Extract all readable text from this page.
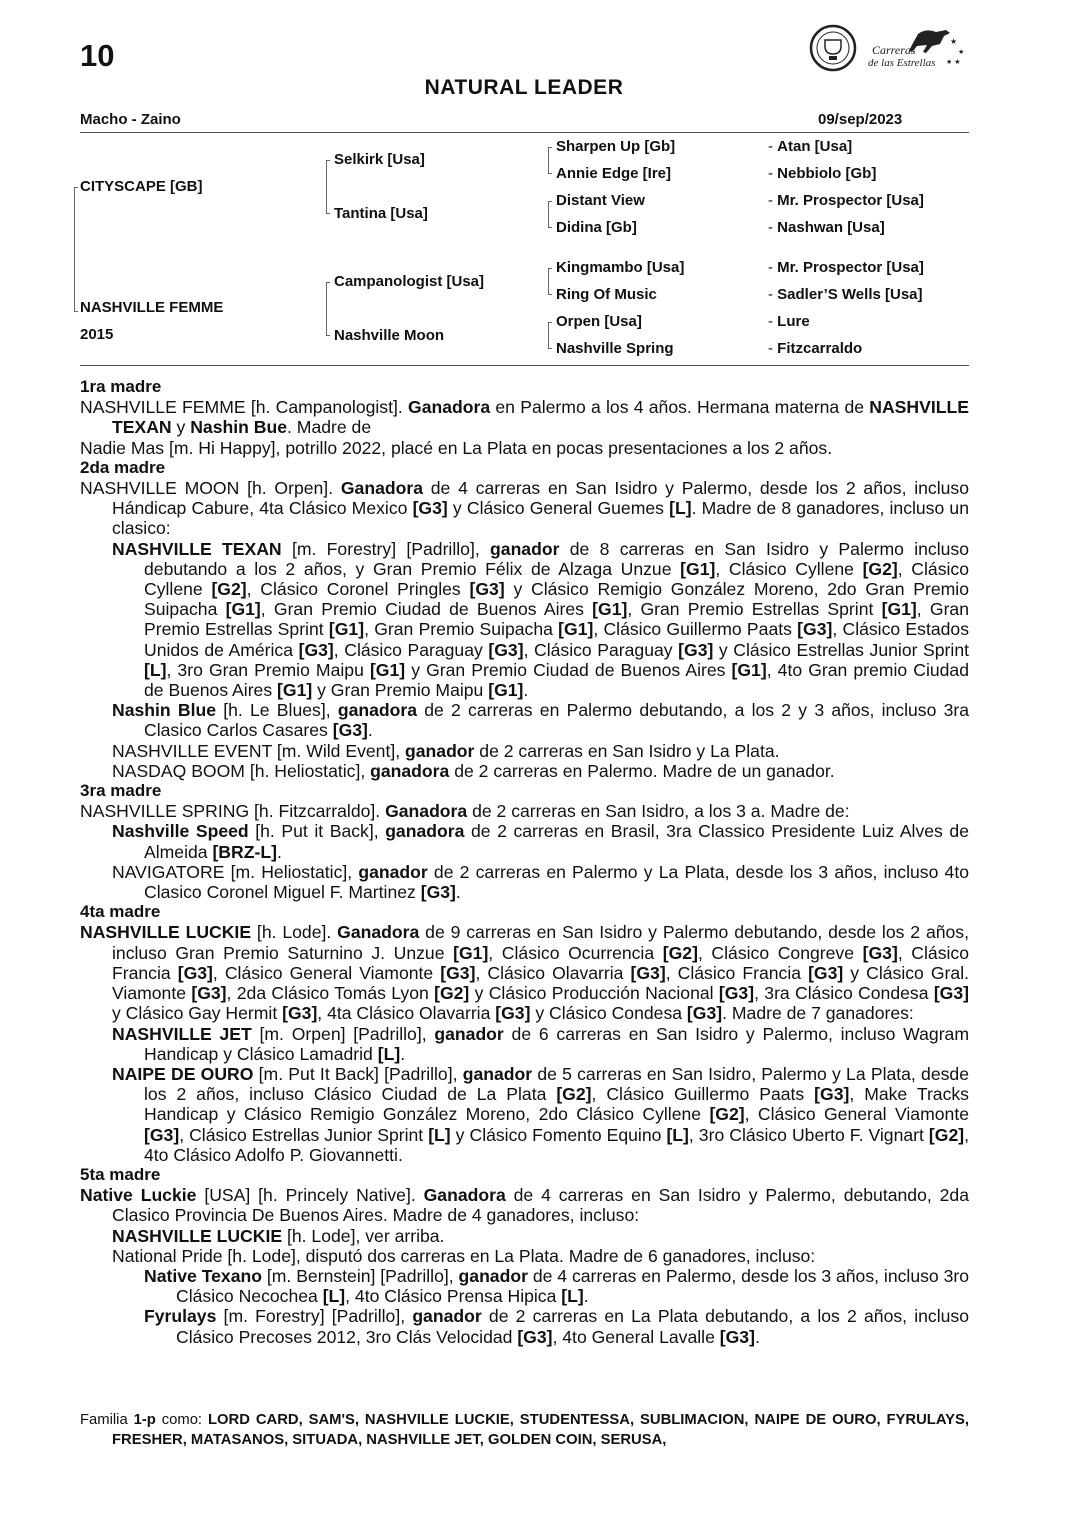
10
NATURAL LEADER
Macho - Zaino	09/sep/2023
Carreras
de las Estrellas
★
★
★ ★
CITYSCAPE [GB]
NASHVILLE FEMME
2015
Selkirk [Usa]
Tantina [Usa]
Campanologist [Usa]
Nashville Moon
Sharpen Up [Gb]
Annie Edge [Ire]
Distant View
Didina [Gb]
Kingmambo [Usa]
Ring Of Music
Orpen [Usa]
Nashville Spring
- Atan [Usa]
- Nebbiolo [Gb]
- Mr. Prospector [Usa]
- Nashwan [Usa]
- Mr. Prospector [Usa]
- Sadler’S Wells [Usa]
- Lure
- Fitzcarraldo

1ra madre

NASHVILLE FEMME [h. Campanologist]. Ganadora en Palermo a los 4 años. Hermana materna de NASHVILLE TEXAN y Nashin Bue. Madre de

Nadie Mas [m. Hi Happy], potrillo 2022, placé en La Plata en pocas presentaciones a los 2 años.

2da madre

NASHVILLE MOON [h. Orpen]. Ganadora de 4 carreras en San Isidro y Palermo, desde los 2 años, incluso Hándicap Cabure, 4ta Clásico Mexico [G3] y Clásico General Guemes [L]. Madre de 8 ganadores, incluso un clasico:

NASHVILLE TEXAN [m. Forestry] [Padrillo], ganador de 8 carreras en San Isidro y Palermo incluso debutando a los 2 años, y Gran Premio Félix de Alzaga Unzue [G1], Clásico Cyllene [G2], Clásico Cyllene [G2], Clásico Coronel Pringles [G3] y Clásico Remigio González Moreno, 2do Gran Premio Suipacha [G1], Gran Premio Ciudad de Buenos Aires [G1], Gran Premio Estrellas Sprint [G1], Gran Premio Estrellas Sprint [G1], Gran Premio Suipacha [G1], Clásico Guillermo Paats [G3], Clásico Estados Unidos de América [G3], Clásico Paraguay [G3], Clásico Paraguay [G3] y Clásico Estrellas Junior Sprint [L], 3ro Gran Premio Maipu [G1] y Gran Premio Ciudad de Buenos Aires [G1], 4to Gran premio Ciudad de Buenos Aires [G1] y Gran Premio Maipu [G1].

Nashin Blue [h. Le Blues], ganadora de 2 carreras en Palermo debutando, a los 2 y 3 años, incluso 3ra Clasico Carlos Casares [G3].

NASHVILLE EVENT [m. Wild Event], ganador de 2 carreras en San Isidro y La Plata.

NASDAQ BOOM [h. Heliostatic], ganadora de 2 carreras en Palermo. Madre de un ganador.

3ra madre

NASHVILLE SPRING [h. Fitzcarraldo]. Ganadora de 2 carreras en San Isidro, a los 3 a. Madre de:

Nashville Speed [h. Put it Back], ganadora de 2 carreras en Brasil, 3ra Classico Presidente Luiz Alves de Almeida [BRZ-L].

NAVIGATORE [m. Heliostatic], ganador de 2 carreras en Palermo y La Plata, desde los 3 años, incluso 4to Clasico Coronel Miguel F. Martinez [G3].

4ta madre

NASHVILLE LUCKIE [h. Lode]. Ganadora de 9 carreras en San Isidro y Palermo debutando, desde los 2 años, incluso Gran Premio Saturnino J. Unzue [G1], Clásico Ocurrencia [G2], Clásico Congreve [G3], Clásico Francia [G3], Clásico General Viamonte [G3], Clásico Olavarria [G3], Clásico Francia [G3] y Clásico Gral. Viamonte [G3], 2da Clásico Tomás Lyon [G2] y Clásico Producción Nacional [G3], 3ra Clásico Condesa [G3] y Clásico Gay Hermit [G3], 4ta Clásico Olavarria [G3] y Clásico Condesa [G3]. Madre de 7 ganadores:

NASHVILLE JET [m. Orpen] [Padrillo], ganador de 6 carreras en San Isidro y Palermo, incluso Wagram Handicap y Clásico Lamadrid [L].

NAIPE DE OURO [m. Put It Back] [Padrillo], ganador de 5 carreras en San Isidro, Palermo y La Plata, desde los 2 años, incluso Clásico Ciudad de La Plata [G2], Clásico Guillermo Paats [G3], Make Tracks Handicap y Clásico Remigio González Moreno, 2do Clásico Cyllene [G2], Clásico General Viamonte [G3], Clásico Estrellas Junior Sprint [L] y Clásico Fomento Equino [L], 3ro Clásico Uberto F. Vignart [G2], 4to Clásico Adolfo P. Giovannetti.

5ta madre

Native Luckie [USA] [h. Princely Native]. Ganadora de 4 carreras en San Isidro y Palermo, debutando, 2da Clasico Provincia De Buenos Aires. Madre de 4 ganadores, incluso:

NASHVILLE LUCKIE [h. Lode], ver arriba.

National Pride [h. Lode], disputó dos carreras en La Plata. Madre de 6 ganadores, incluso:

Native Texano [m. Bernstein] [Padrillo], ganador de 4 carreras en Palermo, desde los 3 años, incluso 3ro Clásico Necochea [L], 4to Clásico Prensa Hipica [L].

Fyrulays [m. Forestry] [Padrillo], ganador de 2 carreras en La Plata debutando, a los 2 años, incluso Clásico Precoses 2012, 3ro Clás Velocidad [G3], 4to General Lavalle [G3].

Familia 1-p como: LORD CARD, SAM'S, NASHVILLE LUCKIE, STUDENTESSA, SUBLIMACION, NAIPE DE OURO, FYRULAYS, FRESHER, MATASANOS, SITUADA, NASHVILLE JET, GOLDEN COIN, SERUSA,
